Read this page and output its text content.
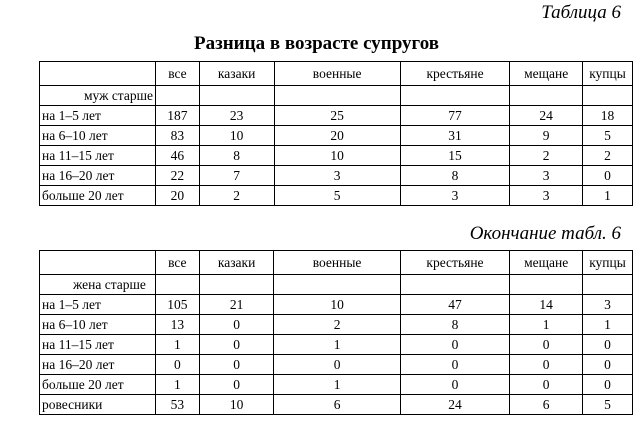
Таблица 6
Разница в возрасте супругов
	все	казаки	военные	крестьяне	мещане	купцы
муж старше						
на 1–5 лет	187	23	25	77	24	18
на 6–10 лет	83	10	20	31	9	5
на 11–15 лет	46	8	10	15	2	2
на 16–20 лет	22	7	3	8	3	0
больше 20 лет	20	2	5	3	3	1
Окончание табл. 6
	все	казаки	военные	крестьяне	мещане	купцы
жена старше						
на 1–5 лет	105	21	10	47	14	3
на 6–10 лет	13	0	2	8	1	1
на 11–15 лет	1	0	1	0	0	0
на 16–20 лет	0	0	0	0	0	0
больше 20 лет	1	0	1	0	0	0
ровесники	53	10	6	24	6	5
